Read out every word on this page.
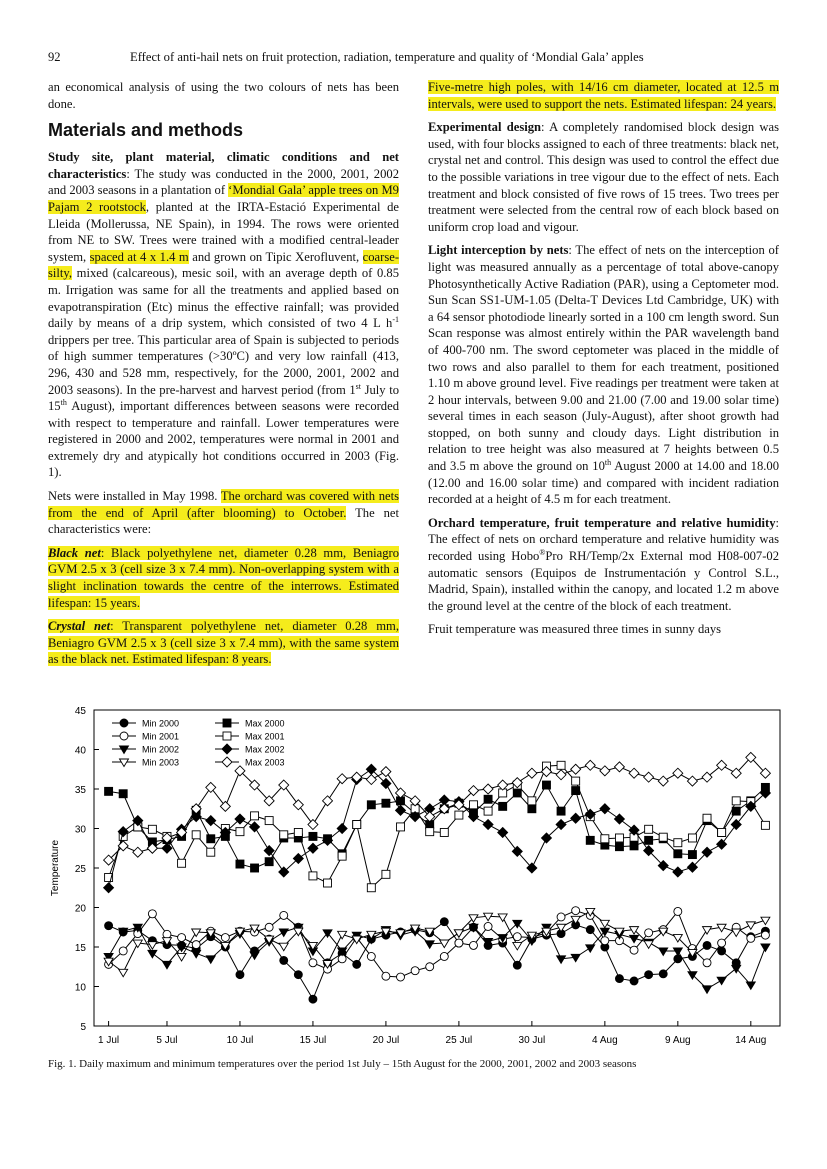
92	Effect of anti-hail nets on fruit protection, radiation, temperature and quality of ‘Mondial Gala’ apples

an economical analysis of using the two colours of nets has been done.

Materials and methods

Study site, plant material, climatic conditions and net characteristics: The study was conducted in the 2000, 2001, 2002 and 2003 seasons in a plantation of ‘Mondial Gala’ apple trees on M9 Pajam 2 rootstock, planted at the IRTA-Estació Experimental de Lleida (Mollerussa, NE Spain), in 1994. The rows were oriented from NE to SW. Trees were trained with a modified central-leader system, spaced at 4 x 1.4 m and grown on Tipic Xerofluvent, coarse-silty, mixed (calcareous), mesic soil, with an average depth of 0.85 m. Irrigation was same for all the treatments and applied based on evapotranspiration (Etc) minus the effective rainfall; was provided daily by means of a drip system, which consisted of two 4 L $h^{-1}$ drippers per tree. This particular area of Spain is subjected to periods of high summer temperatures (>30ºC) and very low rainfall (413, 296, 430 and 528 mm, respectively, for the 2000, 2001, 2002 and 2003 seasons). In the pre-harvest and harvest period (from 1st July to 15th August), important differences between seasons were recorded with respect to temperature and rainfall. Lower temperatures were registered in 2000 and 2002, temperatures were normal in 2001 and extremely dry and atypically hot conditions occurred in 2003 (Fig. 1).

Nets were installed in May 1998. The orchard was covered with nets from the end of April (after blooming) to October. The net characteristics were:

Black net: Black polyethylene net, diameter 0.28 mm, Beniagro GVM 2.5 x 3 (cell size 3 x 7.4 mm). Non-overlapping system with a slight inclination towards the centre of the interrows. Estimated lifespan: 15 years.

Crystal net: Transparent polyethylene net, diameter 0.28 mm, Beniagro GVM 2.5 x 3 (cell size 3 x 7.4 mm), with the same system as the black net. Estimated lifespan: 8 years.

Five-metre high poles, with 14/16 cm diameter, located at 12.5 m intervals, were used to support the nets. Estimated lifespan: 24 years.

Experimental design: A completely randomised block design was used, with four blocks assigned to each of three treatments: black net, crystal net and control. This design was used to control the effect due to the possible variations in tree vigour due to the effect of nets. Each treatment and block consisted of five rows of 15 trees. Two trees per treatment were selected from the central row of each block based on uniform crop load and vigour.

Light interception by nets: The effect of nets on the interception of light was measured annually as a percentage of total above-canopy Photosynthetically Active Radiation (PAR), using a Ceptometer mod. Sun Scan SS1-UM-1.05 (Delta-T Devices Ltd Cambridge, UK) with a 64 sensor photodiode linearly sorted in a 100 cm length sword. Sun Scan response was almost entirely within the PAR wavelength band of 400-700 nm. The sword ceptometer was placed in the middle of two rows and also parallel to them for each treatment, positioned 1.10 m above ground level. Five readings per treatment were taken at 2 hour intervals, between 9.00 and 21.00 (7.00 and 19.00 solar time) several times in each season (July-August), after shoot growth had stopped, on both sunny and cloudy days. Light distribution in relation to tree height was also measured at 7 heights between 0.5 and 3.5 m above the ground on 10th August 2000 at 14.00 and 18.00 (12.00 and 16.00 solar time) and compared with incident radiation recorded at a height of 4.5 m for each treatment.

Orchard temperature, fruit temperature and relative humidity: The effect of nets on orchard temperature and relative humidity was recorded using Hobo®Pro RH/Temp/2x External mod H08-007-02 automatic sensors (Equipos de Instrumentación y Control S.L., Madrid, Spain), installed within the canopy, and located 1.2 m above the ground level at the centre of the block of each treatment.

Fruit temperature was measured three times in sunny days

5
10
15
20
25
30
35
40
45
1 Jul	5 Jul	10 Jul	15 Jul	20 Jul	25 Jul	30 Jul	4 Aug	9 Aug	14 Aug
Temperature
Min 2000
Min 2001
Min 2002
Min 2003
Max 2000
Max 2001
Max 2002
Max 2003
Fig. 1. Daily maximum and minimum temperatures over the period 1st July – 15th August for the 2000, 2001, 2002 and 2003 seasons
